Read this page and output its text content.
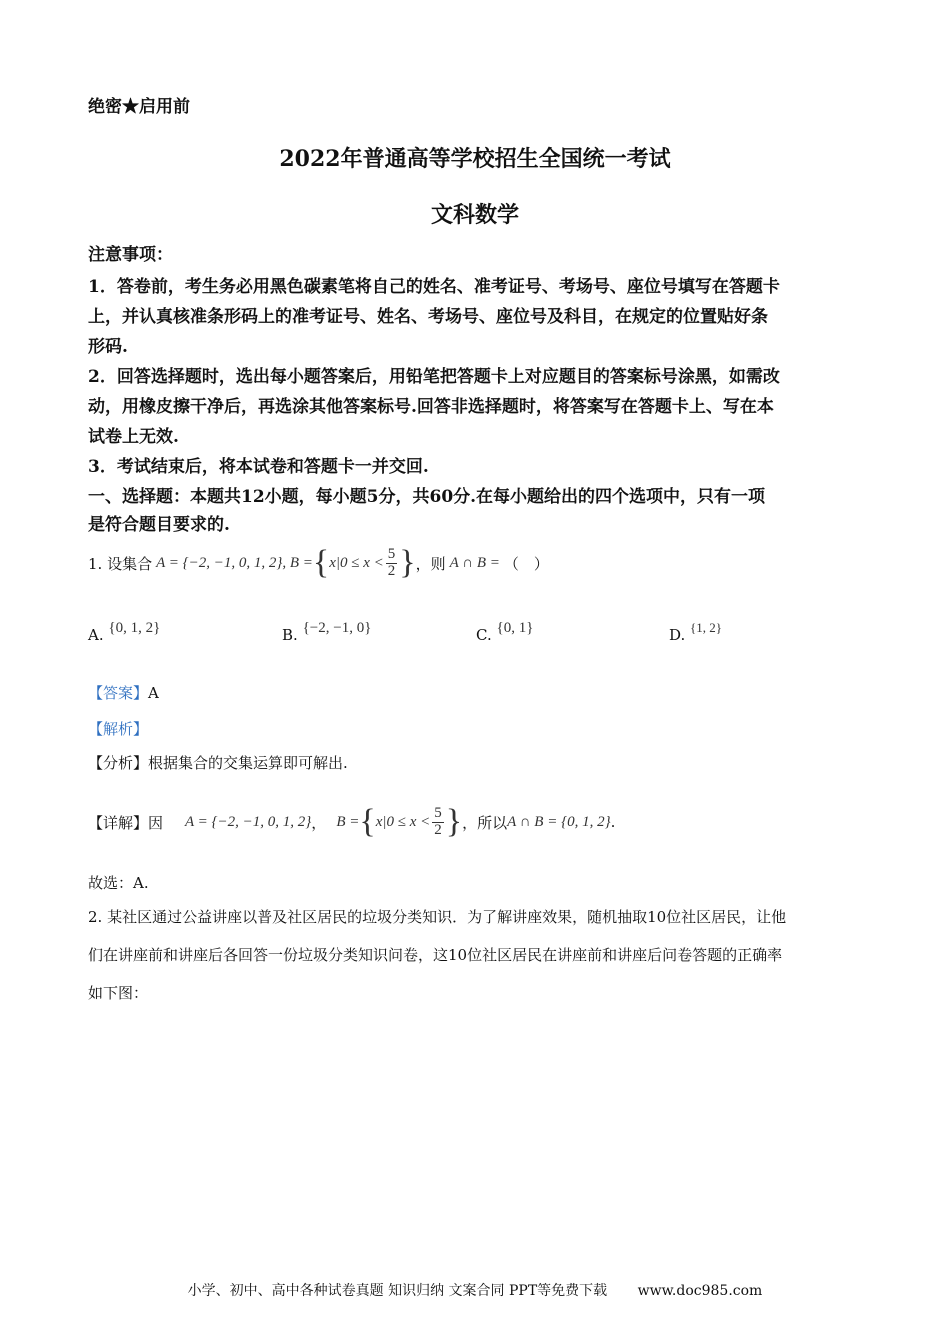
绝密★启用前
2022年普通高等学校招生全国统一考试
文科数学
注意事项：
1．答卷前，考生务必用黑色碳素笔将自己的姓名、准考证号、考场号、座位号填写在答题卡
上，并认真核准条形码上的准考证号、姓名、考场号、座位号及科目，在规定的位置贴好条
形码.
2．回答选择题时，选出每小题答案后，用铅笔把答题卡上对应题目的答案标号涂黑，如需改
动，用橡皮擦干净后，再选涂其他答案标号.回答非选择题时，将答案写在答题卡上、写在本
试卷上无效.
3．考试结束后，将本试卷和答题卡一并交回.
一、选择题：本题共12小题，每小题5分，共60分.在每小题给出的四个选项中，只有一项
是符合题目要求的.
1. 设集合 A = {−2, −1, 0, 1, 2}, B = { $x|0 \le x < \frac{5}{2}$ } ，则 A ∩ B = （　）
A. {0, 1, 2}	B. {−2, −1, 0}	C. {0, 1}	D. {1, 2}
【答案】A
【解析】
【分析】根据集合的交集运算即可解出.
【详解】 因 A = {−2, −1, 0, 1, 2} ， B = { $x|0 \le x < \frac{5}{2}$ } ，所以 A ∩ B = {0, 1, 2} .
故选：A.
2. 某社区通过公益讲座以普及社区居民的垃圾分类知识．为了解讲座效果，随机抽取10位社区居民，让他
们在讲座前和讲座后各回答一份垃圾分类知识问卷，这10位社区居民在讲座前和讲座后问卷答题的正确率
如下图：
小学、初中、高中各种试卷真题 知识归纳 文案合同 PPT等免费下载 www.doc985.com
